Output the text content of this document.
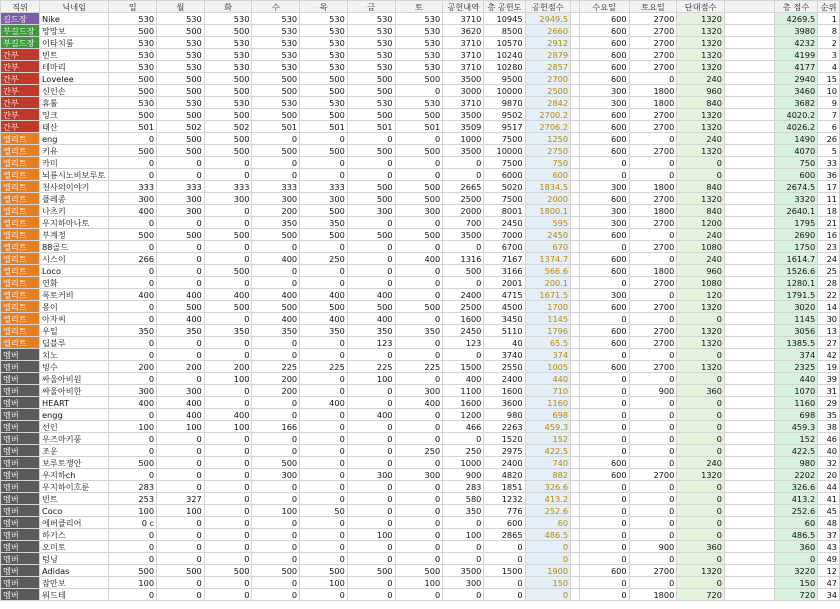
직위	닉네임	일	월	화	수	목	금	토	공헌내역	총 공헌도	공헌점수		수요일	토요일	단대점수		총 점수	순위
길드장	Nike	530	530	530	530	530	530	530	3710	10945	2949.5		600	2700	1320		4269.5	1
부길드장	망망보	500	500	500	530	530	530	530	3620	8500	2660		600	2700	1320		3980	8
부길드장	이타치룸	530	530	530	530	530	530	530	3710	10570	2912		600	2700	1320		4232	2
간부	빈트	530	530	530	530	530	530	530	3710	10240	2879		600	2700	1320		4199	3
간부	테마리	530	530	530	530	530	530	530	3710	10280	2857		600	2700	1320		4177	4
간부	Lovelee	500	500	500	500	500	500	500	3500	9500	2700		600	0	240		2940	15
간부	신인손	500	500	500	500	500	500	0	3000	10000	2500		300	1800	960		3460	10
간부	휴툴	530	530	530	530	530	530	530	3710	9870	2842		300	1800	840		3682	9
간부	잉크	500	500	500	500	500	500	500	3500	9502	2700.2		600	2700	1320		4020.2	7
간부	태산	501	502	502	501	501	501	501	3509	9517	2706.2		600	2700	1320		4026.2	6
엘리트	eng	0	500	500	0	0	0	0	1000	7500	1250		600	0	240		1490	26
엘리트	키유	500	500	500	500	500	500	500	3500	10000	2750		600	2700	1320		4070	5
엘리트	카미	0	0	0	0	0	0	0	0	7500	750		0	0	0		750	33
엘리트	뇌룡시노비보루토	0	0	0	0	0	0	0	0	6000	600		0	0	0		600	36
엘리트	천사의이야기	333	333	333	333	333	500	500	2665	5020	1834.5		300	1800	840		2674.5	17
엘리트	플레종	300	300	300	300	300	500	500	2500	7500	2000		600	2700	1320		3320	11
엘리트	나츠키	400	300	0	200	500	300	300	2000	8001	1800.1		300	1800	840		2640.1	18
엘리트	우지하마나토	0	0	0	350	350	0	0	700	2450	595		300	2700	1200		1795	21
엘리트	부계정	500	500	500	500	500	500	500	3500	7000	2450		600	0	240		2690	16
엘리트	88골드	0	0	0	0	0	0	0	0	6700	670		0	2700	1080		1750	23
엘리트	시스이	266	0	0	400	250	0	400	1316	7167	1374.7		600	0	240		1614.7	24
엘리트	Loco	0	0	500	0	0	0	0	500	3166	566.6		600	1800	960		1526.6	25
엘리트	연화	0	0	0	0	0	0	0	0	2001	200.1		0	2700	1080		1280.1	28
엘리트	폭토커비	400	400	400	400	400	400	0	2400	4715	1671.5		300	0	120		1791.5	22
엘리트	몽이	0	500	500	500	500	500	500	2500	4500	1700		600	2700	1320		3020	14
엘리트	아자씨	0	400	0	400	400	400	0	1600	3450	1145		0	0	0		1145	30
엘리트	우일	350	350	350	350	350	350	350	2450	5110	1796		600	2700	1320		3056	13
엘리트	딥블루	0	0	0	0	0	123	0	123	40	65.5		600	2700	1320		1385.5	27
멤버	치노	0	0	0	0	0	0	0	0	3740	374		0	0	0		374	42
멤버	빙수	200	200	200	225	225	225	225	1500	2550	1005		600	2700	1320		2325	19
멤버	싸울아비원	0	0	100	200	0	100	0	400	2400	440		0	0	0		440	39
멤버	싸울아비한	300	300	0	200	0	0	300	1100	1600	710		0	900	360		1070	31
멤버	HEART	400	400	0	0	400	0	400	1600	3600	1160		0	0	0		1160	29
멤버	engg	0	400	400	0	0	400	0	1200	980	698		0	0	0		698	35
멤버	선인	100	100	100	166	0	0	0	466	2263	459.3		0	0	0		459.3	38
멤버	우즈마키풍	0	0	0	0	0	0	0	0	1520	152		0	0	0		152	46
멤버	조운	0	0	0	0	0	0	250	250	2975	422.5		0	0	0		422.5	40
멤버	보루토쟁안	500	0	0	500	0	0	0	1000	2400	740		600	0	240		980	32
멤버	우지하ch	0	0	0	300	0	300	300	900	4820	882		600	2700	1320		2202	20
멤버	우지하이흐룬	283	0	0	0	0	0	0	283	1851	326.6		0	0	0		326.6	44
멤버	빈트	253	327	0	0	0	0	0	580	1232	413.2		0	0	0		413.2	41
멤버	Coco	100	100	0	100	50	0	0	350	776	252.6		0	0	0		252.6	45
멤버	에버클리어	0 c	0	0	0	0	0	0	0	600	60		0	0	0		60	48
멤버	하기스	0	0	0	0	0	100	0	100	2865	486.5		0	0	0		486.5	37
멤버	오미토	0	0	0	0	0	0	0	0	0	0		0	900	360		360	43
멤버	텅닝	0	0	0	0	0	0	0	0	0	0		0	0	0		0	49
멤버	Adidas	500	500	500	500	500	500	500	3500	1500	1900		600	2700	1320		3220	12
멤버	잠만보	100	0	0	0	100	0	100	300	0	150		0	0	0		150	47
멤버	워드테	0	0	0	0	0	0	0	0	0	0		0	1800	720		720	34
